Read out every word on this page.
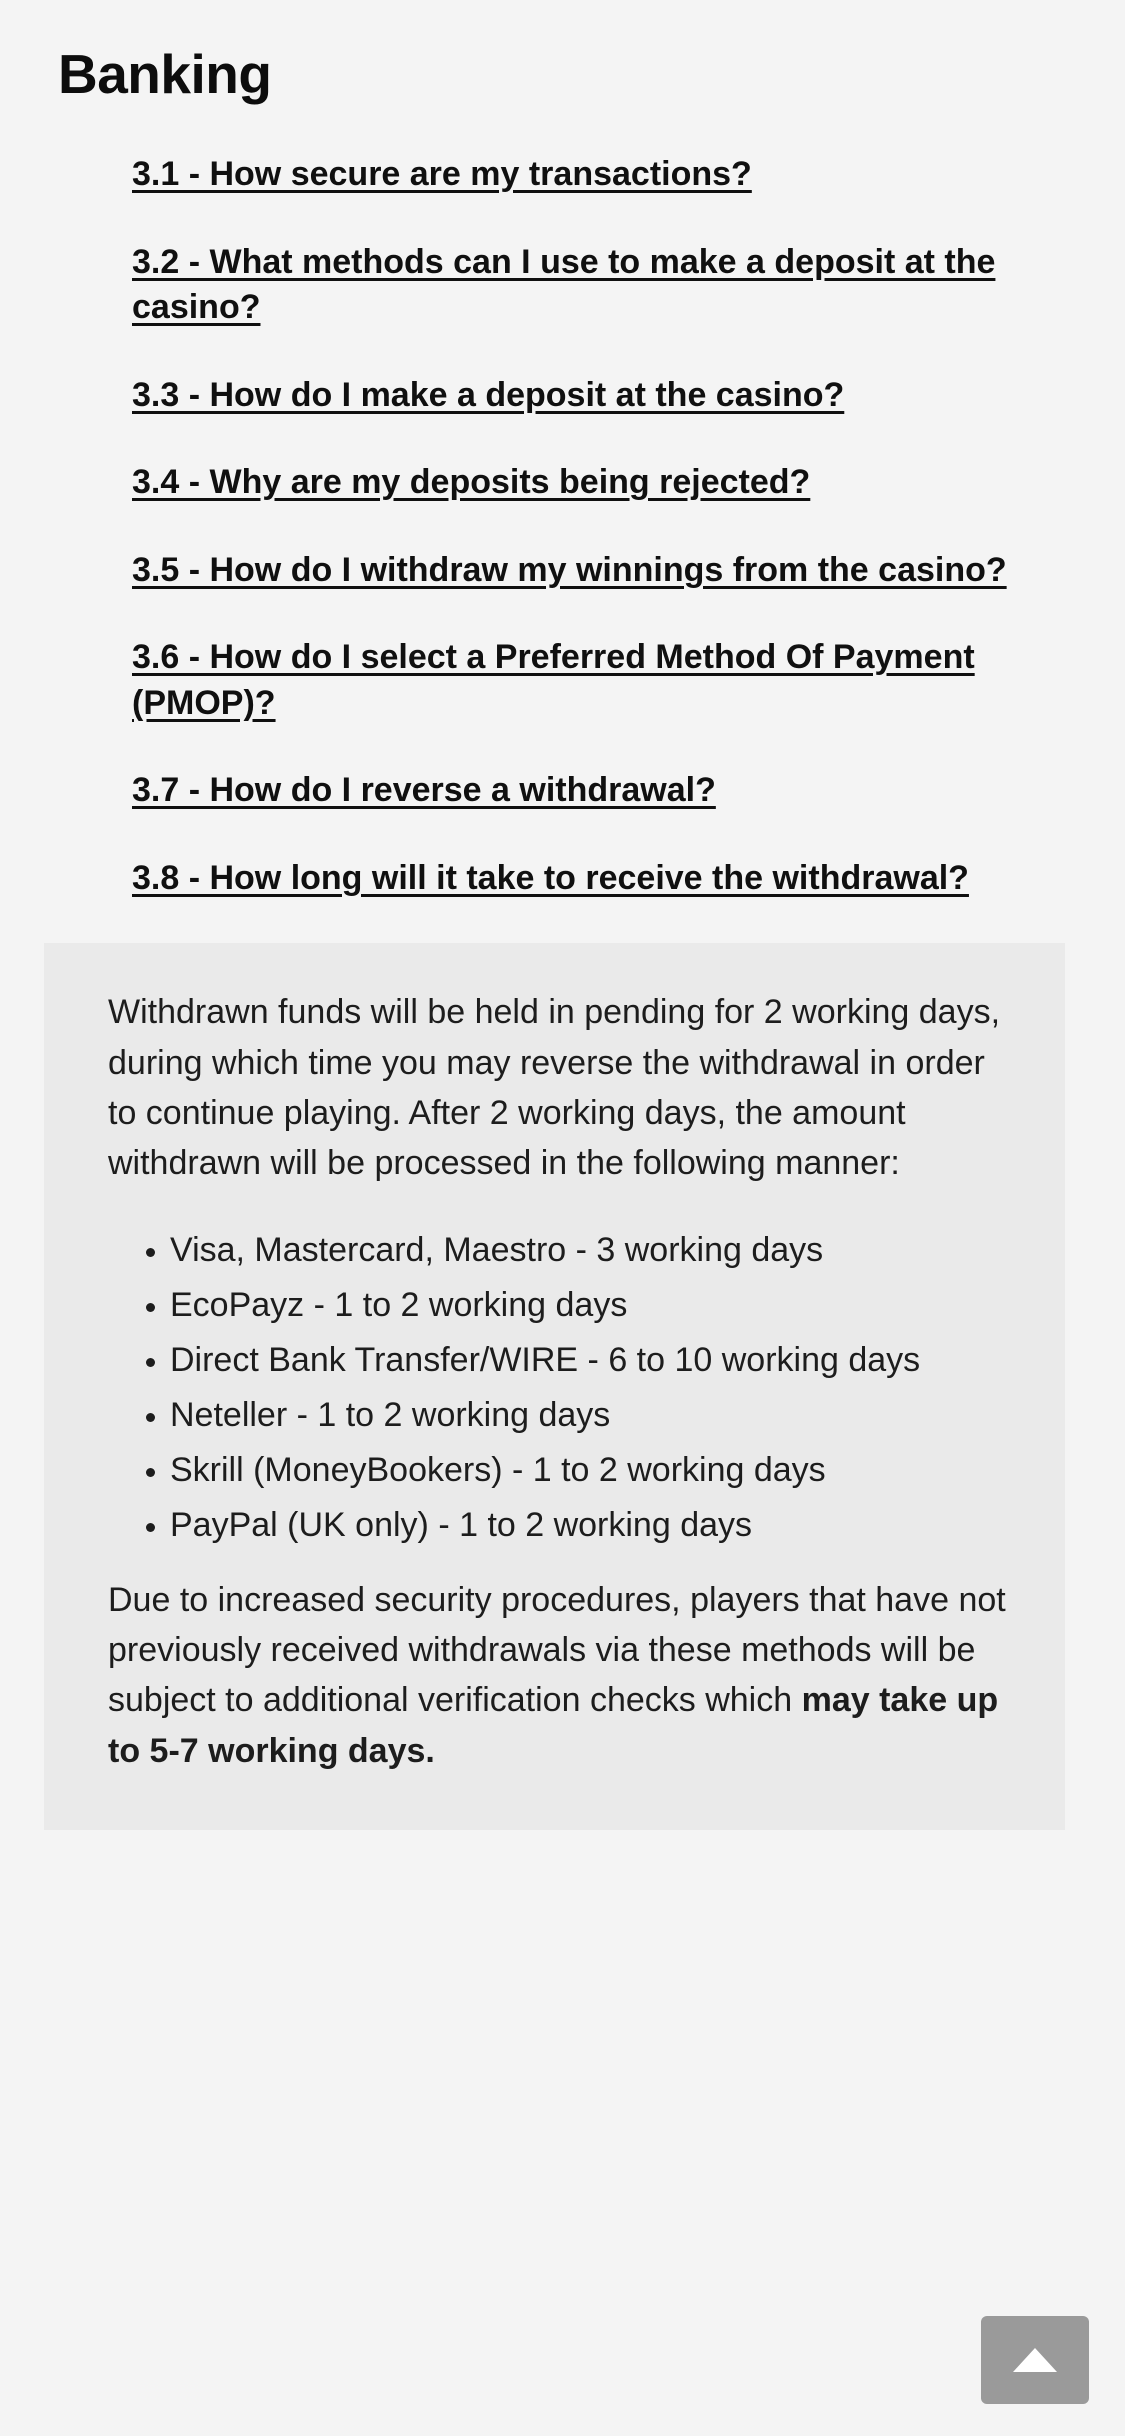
Banking
3.1 - How secure are my transactions?
3.2 - What methods can I use to make a deposit at the casino?
3.3 - How do I make a deposit at the casino?
3.4 - Why are my deposits being rejected?
3.5 - How do I withdraw my winnings from the casino?
3.6 - How do I select a Preferred Method Of Payment (PMOP)?
3.7 - How do I reverse a withdrawal?
3.8 - How long will it take to receive the withdrawal?

Withdrawn funds will be held in pending for 2 working days, during which time you may reverse the withdrawal in order to continue playing. After 2 working days, the amount withdrawn will be processed in the following manner:

• Visa, Mastercard, Maestro - 3 working days
• EcoPayz - 1 to 2 working days
• Direct Bank Transfer/WIRE - 6 to 10 working days
• Neteller - 1 to 2 working days
• Skrill (MoneyBookers) - 1 to 2 working days
• PayPal (UK only) - 1 to 2 working days

Due to increased security procedures, players that have not previously received withdrawals via these methods will be subject to additional verification checks which may take up to 5-7 working days.
